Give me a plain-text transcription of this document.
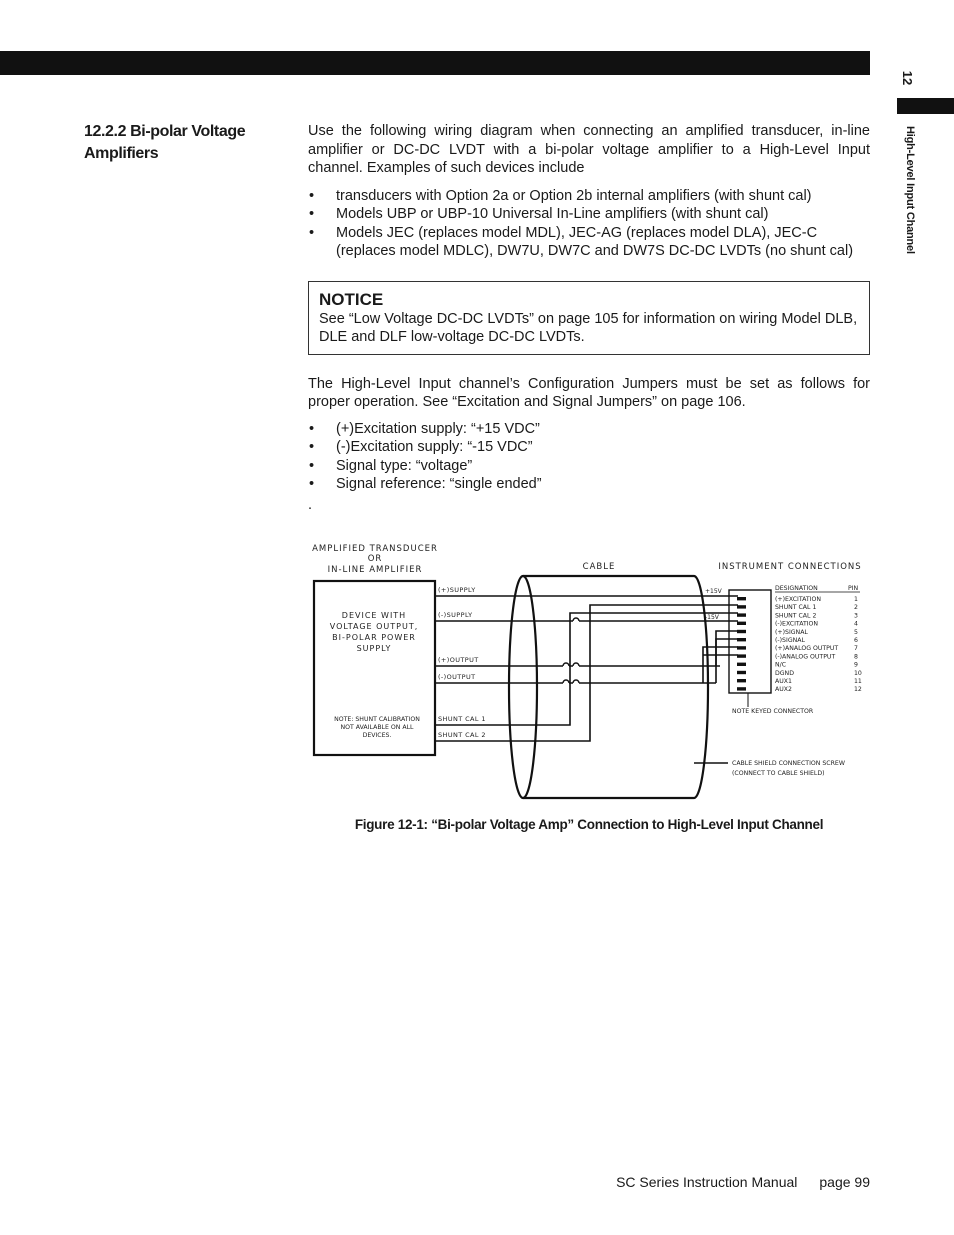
12
High-Level Input Channel
12.2.2 Bi-polar Voltage Amplifiers

Use the following wiring diagram when connecting an amplified transducer, in-line amplifier or DC-DC LVDT with a bi-polar voltage amplifier to a High-Level Input channel. Examples of such devices include

• transducers with Option 2a or Option 2b internal amplifiers (with shunt cal)
• Models UBP or UBP-10 Universal In-Line amplifiers (with shunt cal)
• Models JEC (replaces model MDL), JEC-AG (replaces model DLA), JEC-C (replaces model MDLC), DW7U, DW7C and DW7S DC-DC LVDTs (no shunt cal)
NOTICE
See “Low Voltage DC-DC LVDTs” on page 105 for information on wiring Model DLB, DLE and DLF low-voltage DC-DC LVDTs.

The High-Level Input channel’s Configuration Jumpers must be set as follows for proper operation. See “Excitation and Signal Jumpers” on page 106.

• (+)Excitation supply: “+15 VDC”
• (-)Excitation supply: “-15 VDC”
• Signal type: “voltage”
• Signal reference: “single ended”
.
AMPLIFIED TRANSDUCER
OR
IN-LINE AMPLIFIER	CABLE	INSTRUMENT CONNECTIONS
DEVICE WITH
VOLTAGE OUTPUT,
BI-POLAR POWER
SUPPLY
NOTE: SHUNT CALIBRATION
NOT AVAILABLE ON ALL
DEVICES.
(+)SUPPLY
(-)SUPPLY
(+)OUTPUT
(-)OUTPUT
SHUNT CAL 1
SHUNT CAL 2
+15V
-15V
NOTE KEYED CONNECTOR
DESIGNATION	PIN
(+)EXCITATION	1
SHUNT CAL 1	2
SHUNT CAL 2	3
(-)EXCITATION	4
(+)SIGNAL	5
(-)SIGNAL	6
(+)ANALOG OUTPUT	7
(-)ANALOG OUTPUT	8
N/C	9
DGND	10
AUX1	11
AUX2	12
CABLE SHIELD CONNECTION SCREW
(CONNECT TO CABLE SHIELD)
Figure 12-1: “Bi-polar Voltage Amp” Connection to High-Level Input Channel
SC Series Instruction Manual page 99
